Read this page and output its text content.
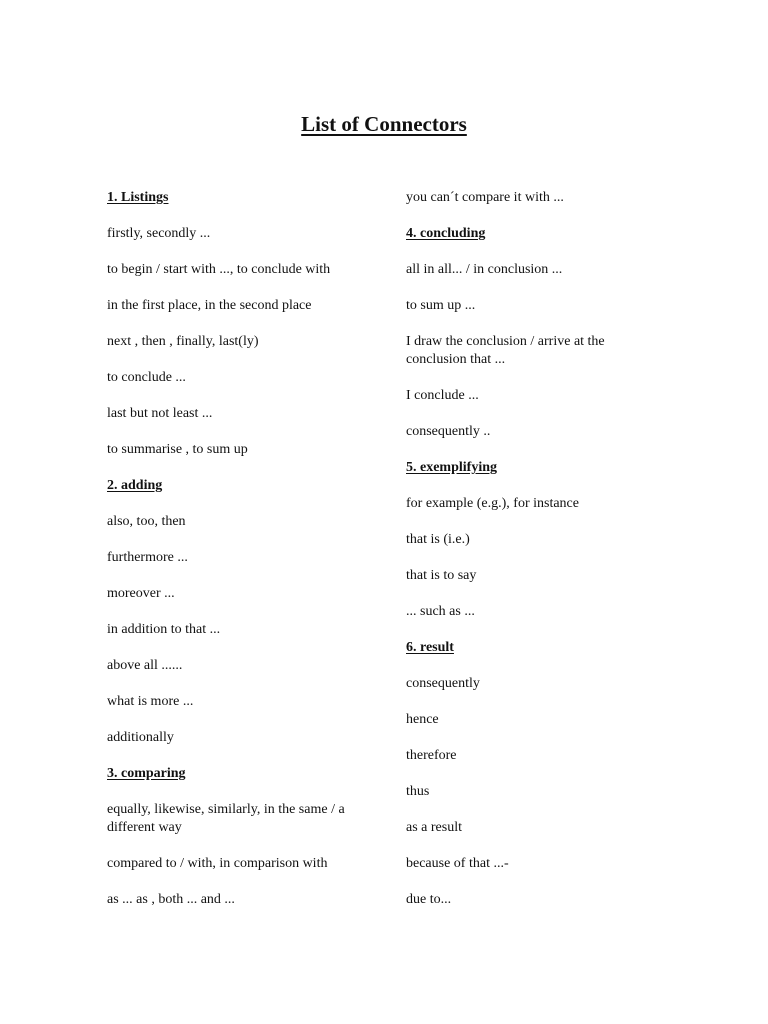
List of Connectors
1. Listings
firstly, secondly ...
to begin / start with ..., to conclude with
in the first place, in the second place
next , then , finally, last(ly)
to conclude ...
last but not least ...
to summarise , to sum up
2. adding
also, too, then
furthermore ...
moreover ...
in addition to that ...
above all ......
what is more ...
additionally
3. comparing
equally, likewise, similarly, in the same / a different way
compared to / with, in comparison with
as ... as , both ... and ...
you can´t compare it with ...
4. concluding
all in all... / in conclusion ...
to sum up ...
I draw the conclusion / arrive at the conclusion that ...
I conclude ...
consequently ..
5. exemplifying
for example (e.g.), for instance
that is (i.e.)
that is to say
... such as ...
6. result
consequently
hence
therefore
thus
as a result
because of that ...-
due to...
